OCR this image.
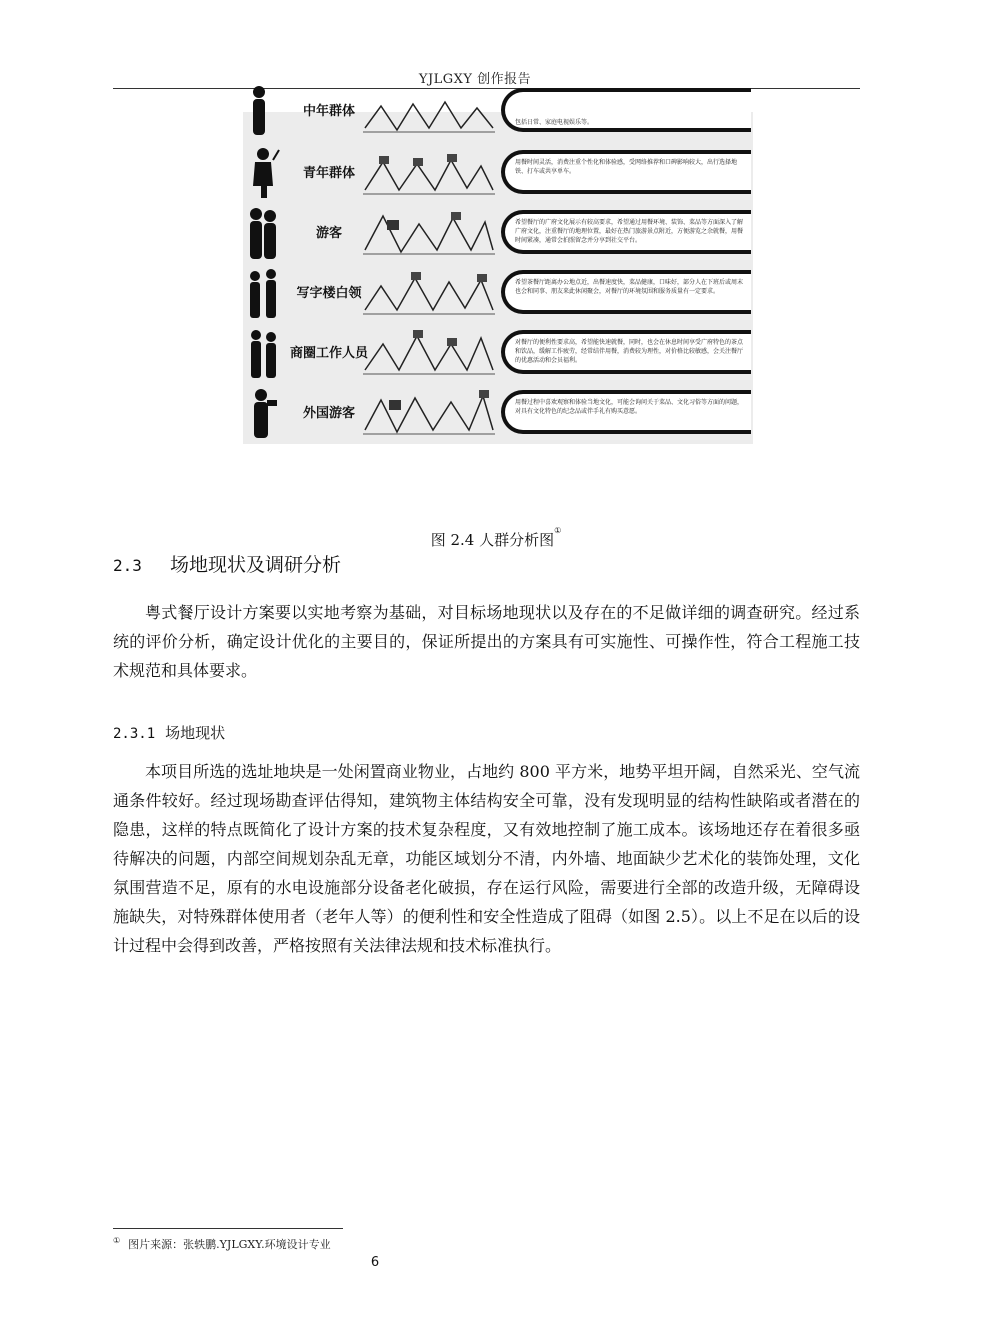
YJLGXY 创作报告
中年群体
包括日常、家庭电视娱乐等。
青年群体
用餐时间灵活，消费注重个性化和体验感，受网络推荐和口碑影响较大，出行选择地铁、打车或共享单车。
游客
希望餐厅的广府文化展示有较高要求，希望通过用餐环境、装饰、菜品等方面深入了解广府文化，注重餐厅的地理位置，最好在热门旅游景点附近，方便游览之余就餐，用餐时间紧凑，通常会拍照留念并分享到社交平台。
写字楼白领
希望茶餐厅距离办公地点近，出餐速度快，菜品健康，口味好，部分人在下班后或周末也会和同事、朋友来此休闲聚会，对餐厅的环境氛围和服务质量有一定要求。
商圈工作人员
对餐厅的便利性要求高，希望能快速就餐，同时，也会在休息时间享受广府特色的茶点和饮品，缓解工作疲劳，经常结伴用餐，消费较为理性，对价格比较敏感，会关注餐厅的优惠活动和会员福利。
外国游客
用餐过程中喜欢观察和体验当地文化，可能会询问关于菜品、文化习俗等方面的问题，对具有文化特色的纪念品或伴手礼有购买意愿。
图 2.4 人群分析图①
2.3 场地现状及调研分析
粤式餐厅设计方案要以实地考察为基础，对目标场地现状以及存在的不足做详细的调查研究。经过系统的评价分析，确定设计优化的主要目的，保证所提出的方案具有可实施性、可操作性，符合工程施工技术规范和具体要求。
2.3.1 场地现状
本项目所选的选址地块是一处闲置商业物业，占地约 800 平方米，地势平坦开阔，自然采光、空气流通条件较好。经过现场勘查评估得知，建筑物主体结构安全可靠，没有发现明显的结构性缺陷或者潜在的隐患，这样的特点既简化了设计方案的技术复杂程度，又有效地控制了施工成本。该场地还存在着很多亟待解决的问题，内部空间规划杂乱无章，功能区域划分不清，内外墙、地面缺少艺术化的装饰处理，文化氛围营造不足，原有的水电设施部分设备老化破损，存在运行风险，需要进行全部的改造升级，无障碍设施缺失，对特殊群体使用者（老年人等）的便利性和安全性造成了阻碍（如图 2.5）。以上不足在以后的设计过程中会得到改善，严格按照有关法律法规和技术标准执行。
① 图片来源：张轶鹏.YJLGXY.环境设计专业
6
